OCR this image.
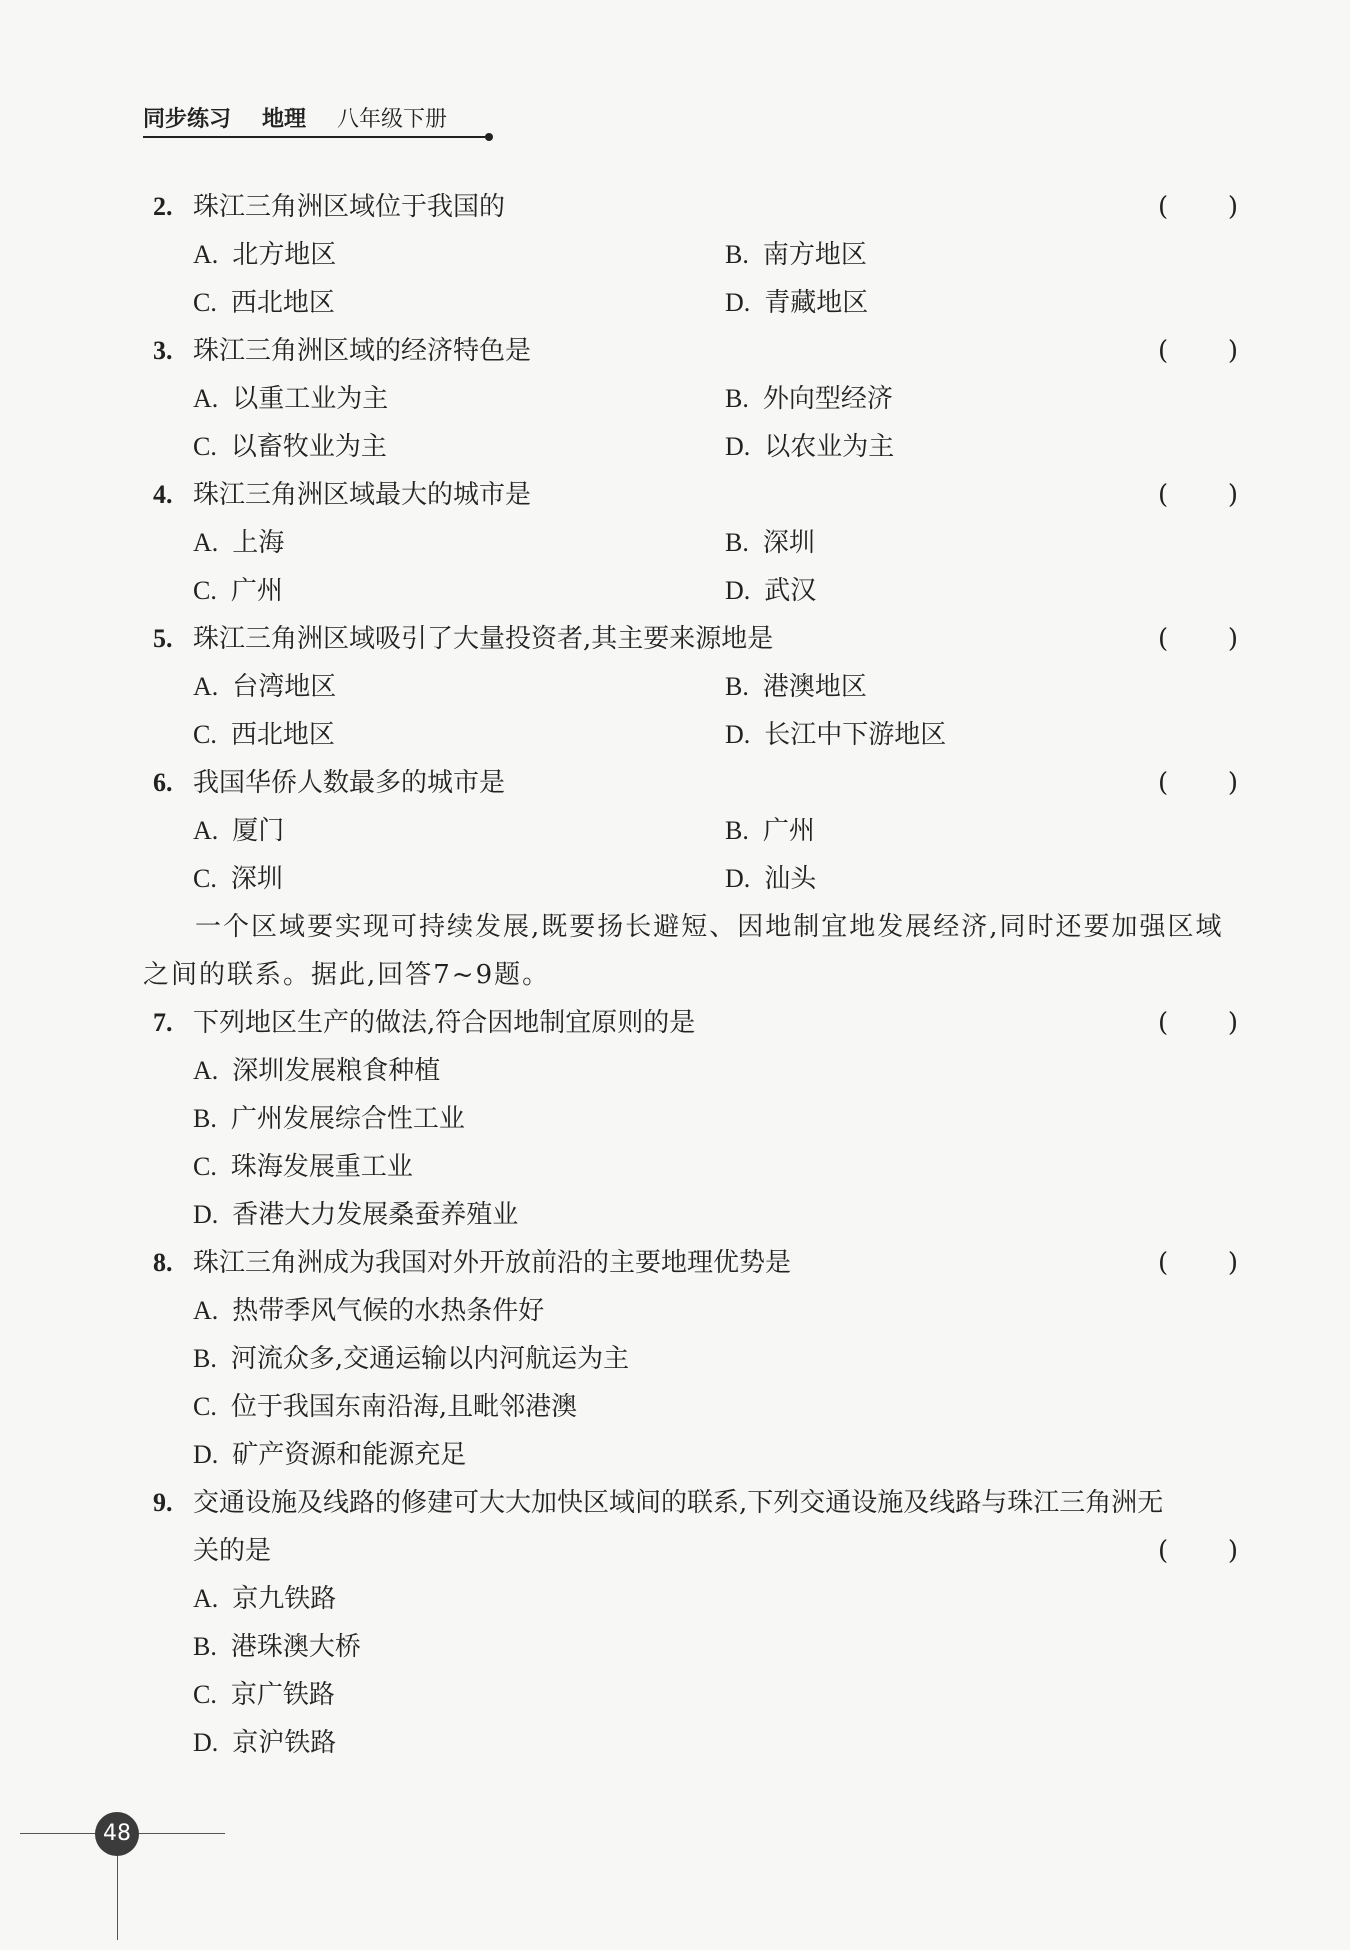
同步练习 地理 八年级下册
2. 珠江三角洲区域位于我国的	( )
A. 北方地区	B. 南方地区
C. 西北地区	D. 青藏地区
3. 珠江三角洲区域的经济特色是	( )
A. 以重工业为主	B. 外向型经济
C. 以畜牧业为主	D. 以农业为主
4. 珠江三角洲区域最大的城市是	( )
A. 上海	B. 深圳
C. 广州	D. 武汉
5. 珠江三角洲区域吸引了大量投资者,其主要来源地是	( )
A. 台湾地区	B. 港澳地区
C. 西北地区	D. 长江中下游地区
6. 我国华侨人数最多的城市是	( )
A. 厦门	B. 广州
C. 深圳	D. 汕头

一个区域要实现可持续发展,既要扬长避短、因地制宜地发展经济,同时还要加强区域之间的联系。据此,回答7~9题。

7. 下列地区生产的做法,符合因地制宜原则的是	( )
A. 深圳发展粮食种植
B. 广州发展综合性工业
C. 珠海发展重工业
D. 香港大力发展桑蚕养殖业
8. 珠江三角洲成为我国对外开放前沿的主要地理优势是	( )
A. 热带季风气候的水热条件好
B. 河流众多,交通运输以内河航运为主
C. 位于我国东南沿海,且毗邻港澳
D. 矿产资源和能源充足
9. 交通设施及线路的修建可大大加快区域间的联系,下列交通设施及线路与珠江三角洲无
关的是	( )
A. 京九铁路
B. 港珠澳大桥
C. 京广铁路
D. 京沪铁路
48
